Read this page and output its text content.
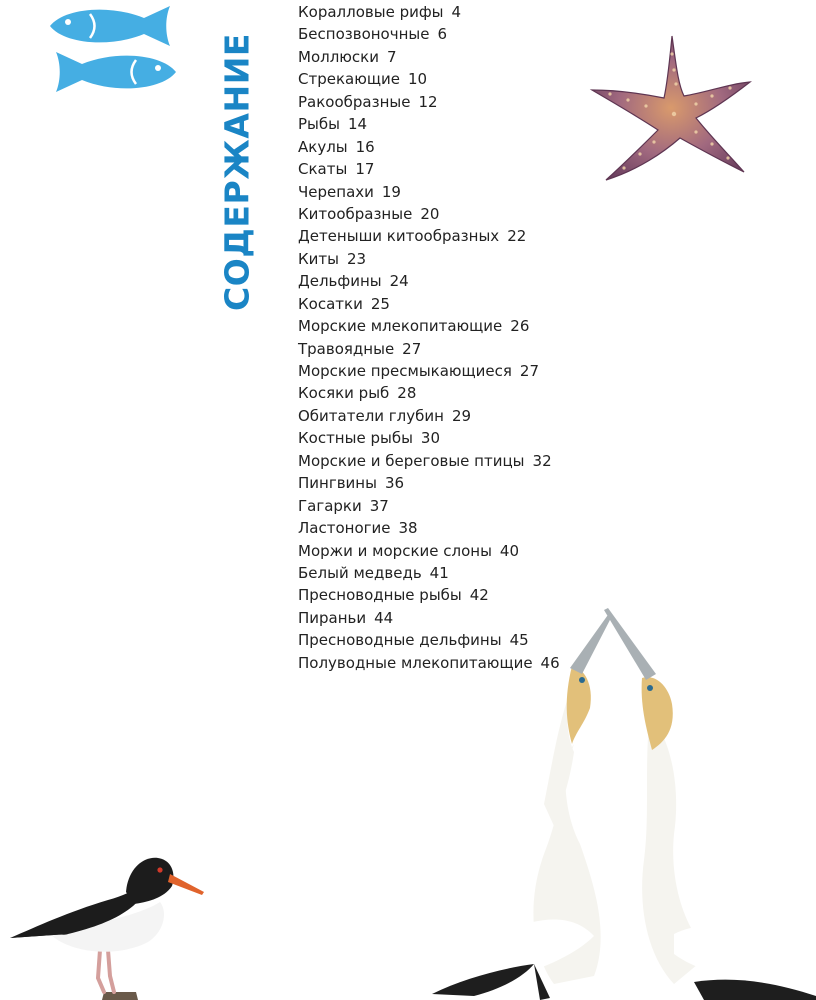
СОДЕРЖАНИЕ
Коралловые рифы 4
Беспозвоночные 6
Моллюски 7
Стрекающие 10
Ракообразные 12
Рыбы 14
Акулы 16
Скаты 17
Черепахи 19
Китообразные 20
Детеныши китообразных 22
Киты 23
Дельфины 24
Косатки 25
Морские млекопитающие 26
Травоядные 27
Морские пресмыкающиеся 27
Косяки рыб 28
Обитатели глубин 29
Костные рыбы 30
Морские и береговые птицы 32
Пингвины 36
Гагарки 37
Ластоногие 38
Моржи и морские слоны 40
Белый медведь 41
Пресноводные рыбы 42
Пираньи 44
Пресноводные дельфины 45
Полуводные млекопитающие 46
